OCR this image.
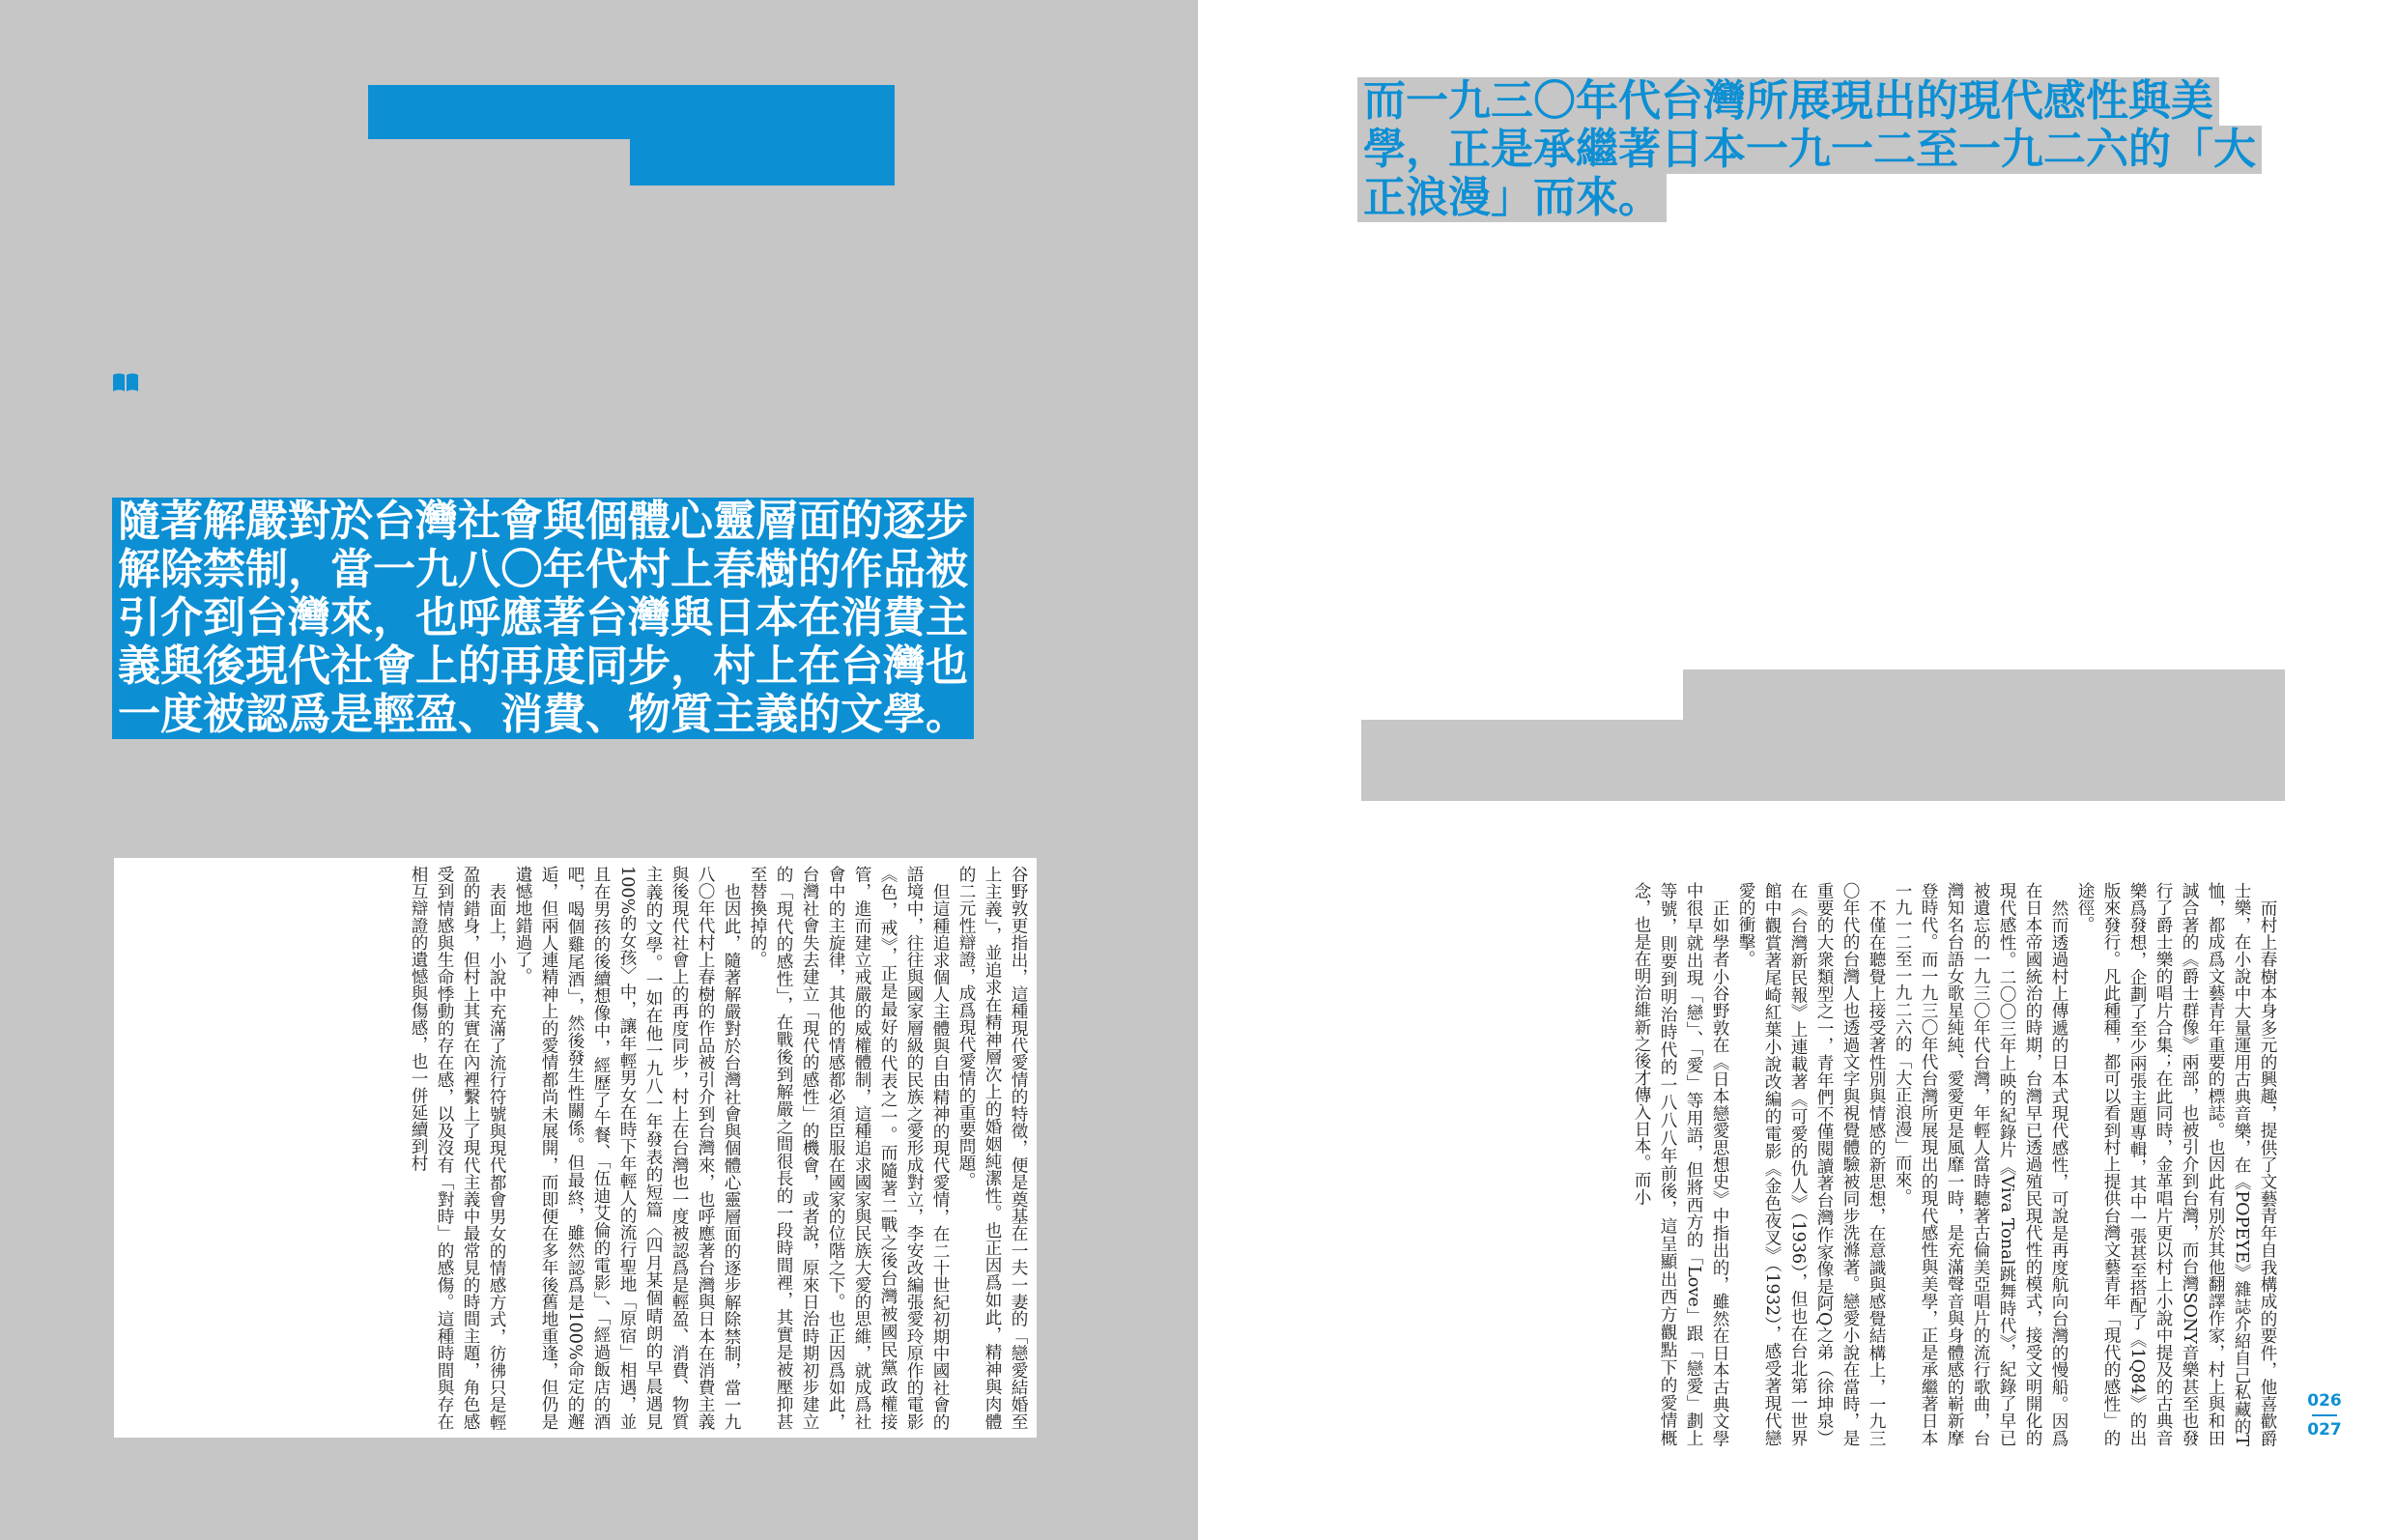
隨著解嚴對於台灣社會與個體心靈層面的逐步
解除禁制，當一九八〇年代村上春樹的作品被
引介到台灣來，也呼應著台灣與日本在消費主
義與後現代社會上的再度同步，村上在台灣也
一度被認爲是輕盈、消費、物質主義的文學。
而一九三〇年代台灣所展現出的現代感性與美
學，正是承繼著日本一九一二至一九二六的「大
正浪漫」而來。

谷野敦更指出，這種現代愛情的特徵，便是奠基在一夫一妻的「戀愛結婚至上主義」，並追求在精神層次上的婚姻純潔性。也正因爲如此，精神與肉體的二元性辯證，成爲現代愛情的重要問題。

但這種追求個人主體與自由精神的現代愛情，在二十世紀初期中國社會的語境中，往往與國家層級的民族之愛形成對立，李安改編張愛玲原作的電影《色，戒》，正是最好的代表之一。而隨著二戰之後台灣被國民黨政權接管，進而建立戒嚴的威權體制，這種追求國家與民族大愛的思維，就成爲社會中的主旋律，其他的情感都必須臣服在國家的位階之下。也正因爲如此，台灣社會失去建立「現代的感性」的機會，或者說，原來日治時期初步建立的「現代的感性」，在戰後到解嚴之間很長的一段時間裡，其實是被壓抑甚至替換掉的。

也因此，隨著解嚴對於台灣社會與個體心靈層面的逐步解除禁制，當一九八〇年代村上春樹的作品被引介到台灣來，也呼應著台灣與日本在消費主義與後現代社會上的再度同步，村上在台灣也一度被認爲是輕盈、消費、物質主義的文學。一如在他一九八一年發表的短篇〈四月某個晴朗的早晨遇見100%的女孩〉中，讓年輕男女在時下年輕人的流行聖地「原宿」相遇，並且在男孩的後續想像中，經歷了午餐、「伍迪艾倫的電影」、「經過飯店的酒吧，喝個雞尾酒」，然後發生性關係。但最終，雖然認爲是100%命定的邂逅，但兩人連精神上的愛情都尚未展開，而即便在多年後舊地重逢，但仍是遺憾地錯過了。

表面上，小說中充滿了流行符號與現代都會男女的情感方式，彷彿只是輕盈的錯身，但村上其實在內裡繫上了現代主義中最常見的時間主題，角色感受到情感與生命悸動的存在感，以及沒有「對時」的感傷。這種時間與存在相互辯證的遺憾與傷感，也一併延續到村	而村上春樹本身多元的興趣，提供了文藝青年自我構成的要件，他喜歡爵士樂，在小說中大量運用古典音樂，在《POPEYE》雜誌介紹自己私藏的T恤，都成爲文藝青年重要的標誌。也因此有別於其他翻譯作家，村上與和田誠合著的《爵士群像》兩部，也被引介到台灣，而台灣SONY音樂甚至也發行了爵士樂的唱片合集；在此同時，金革唱片更以村上小說中提及的古典音樂爲發想，企劃了至少兩張主題專輯，其中一張甚至搭配了《1Q84》的出版來發行。凡此種種，都可以看到村上提供台灣文藝青年「現代的感性」的途徑。

然而透過村上傳遞的日本式現代感性，可說是再度航向台灣的慢船。因爲在日本帝國統治的時期，台灣早已透過殖民現代性的模式，接受文明開化的現代感性。二〇〇三年上映的紀錄片《Viva Tonal跳舞時代》，紀錄了早已被遺忘的一九三〇年代台灣，年輕人當時聽著古倫美亞唱片的流行歌曲，台灣知名台語女歌星純純、愛愛更是風靡一時，是充滿聲音與身體感的嶄新摩登時代。而一九三〇年代台灣所展現出的現代感性與美學，正是承繼著日本一九一二至一九二六的「大正浪漫」而來。

不僅在聽覺上接受著性別與情感的新思想，在意識與感覺結構上，一九三〇年代的台灣人也透過文字與視覺體驗被同步洗滌著。戀愛小說在當時，是重要的大衆類型之一，青年們不僅閱讀著台灣作家像是阿Q之弟（徐坤泉）在《台灣新民報》上連載著《可愛的仇人》（1936），但也在台北第一世界館中觀賞著尾崎紅葉小說改編的電影《金色夜叉》（1932），感受著現代戀愛的衝擊。

正如學者小谷野敦在《日本戀愛思想史》中指出的，雖然在日本古典文學中很早就出現「戀」、「愛」等用語，但將西方的「Love」跟「戀愛」劃上等號，則要到明治時代的一八八八年前後，這呈顯出西方觀點下的愛情概念，也是在明治維新之後才傳入日本。而小

026
027
